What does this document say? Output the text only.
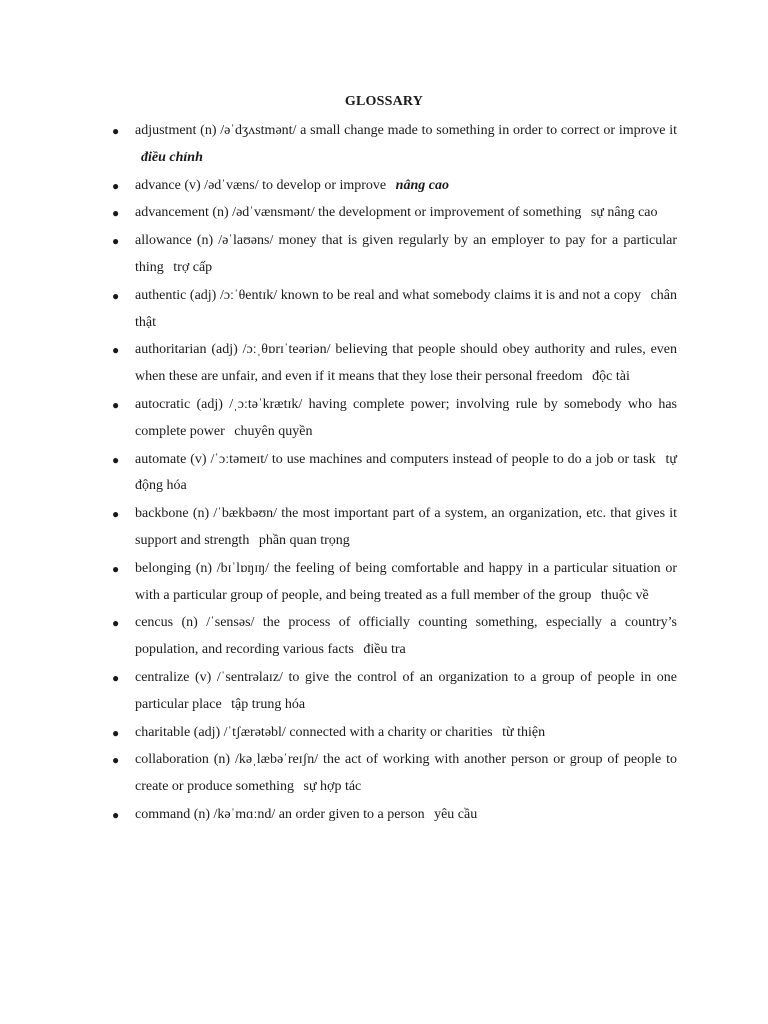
GLOSSARY
●	adjustment (n) /əˈdʒʌstmənt/ a small change made to something in order to correct or improve it điều chỉnh
●	advance (v) /ədˈvæns/ to develop or improve nâng cao
●	advancement (n) /ədˈvænsmənt/ the development or improvement of something sự nâng cao
●	allowance (n) /əˈlaʊəns/ money that is given regularly by an employer to pay for a particular thing trợ cấp
●	authentic (adj) /ɔːˈθentɪk/ known to be real and what somebody claims it is and not a copy chân thật
●	authoritarian (adj) /ɔːˌθɒrɪˈteəriən/ believing that people should obey authority and rules, even when these are unfair, and even if it means that they lose their personal freedom độc tài
●	autocratic (adj) /ˌɔːtəˈkrætɪk/ having complete power; involving rule by somebody who has complete power chuyên quyền
●	automate (v) /ˈɔːtəmeɪt/ to use machines and computers instead of people to do a job or task tự động hóa
●	backbone (n) /ˈbækbəʊn/ the most important part of a system, an organization, etc. that gives it support and strength phần quan trọng
●	belonging (n) /bɪˈlɒŋɪŋ/ the feeling of being comfortable and happy in a particular situation or with a particular group of people, and being treated as a full member of the group thuộc về
●	cencus (n) /ˈsensəs/ the process of officially counting something, especially a country’s population, and recording various facts điều tra
●	centralize (v) /ˈsentrəlaɪz/ to give the control of an organization to a group of people in one particular place tập trung hóa
●	charitable (adj) /ˈtʃærətəbl/ connected with a charity or charities từ thiện
●	collaboration (n) /kəˌlæbəˈreɪʃn/ the act of working with another person or group of people to create or produce something sự hợp tác
●	command (n) /kəˈmɑːnd/ an order given to a person yêu cầu
